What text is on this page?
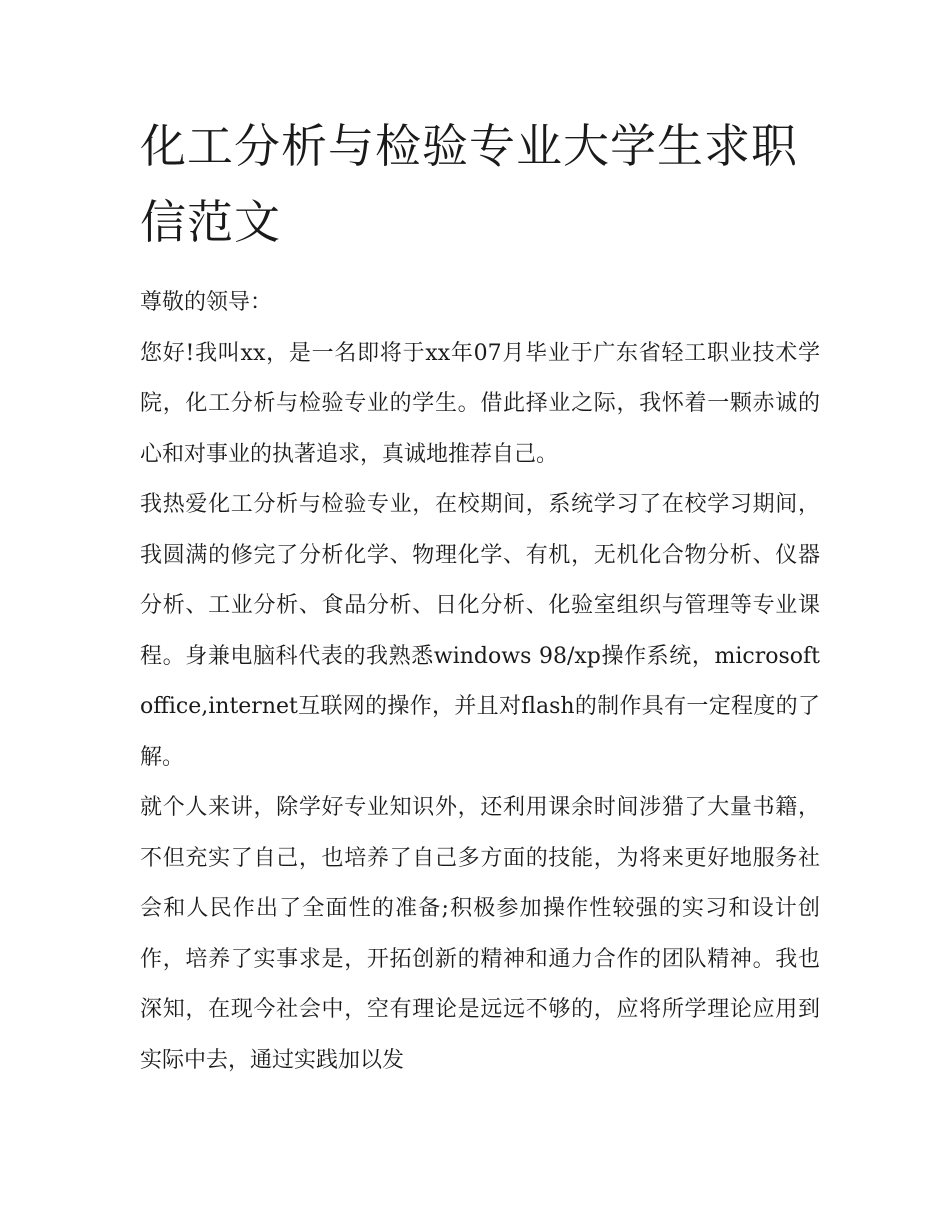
化工分析与检验专业大学生求职信范文

尊敬的领导：

您好!我叫xx，是一名即将于xx年07月毕业于广东省轻工职业技术学院，化工分析与检验专业的学生。借此择业之际，我怀着一颗赤诚的心和对事业的执著追求，真诚地推荐自己。

我热爱化工分析与检验专业，在校期间，系统学习了在校学习期间，我圆满的修完了分析化学、物理化学、有机，无机化合物分析、仪器分析、工业分析、食品分析、日化分析、化验室组织与管理等专业课程。身兼电脑科代表的我熟悉windows 98/xp操作系统，microsoft office,internet互联网的操作，并且对flash的制作具有一定程度的了解。

就个人来讲，除学好专业知识外，还利用课余时间涉猎了大量书籍，不但充实了自己，也培养了自己多方面的技能，为将来更好地服务社会和人民作出了全面性的准备;积极参加操作性较强的实习和设计创作，培养了实事求是，开拓创新的精神和通力合作的团队精神。我也深知，在现今社会中，空有理论是远远不够的，应将所学理论应用到实际中去，通过实践加以发
